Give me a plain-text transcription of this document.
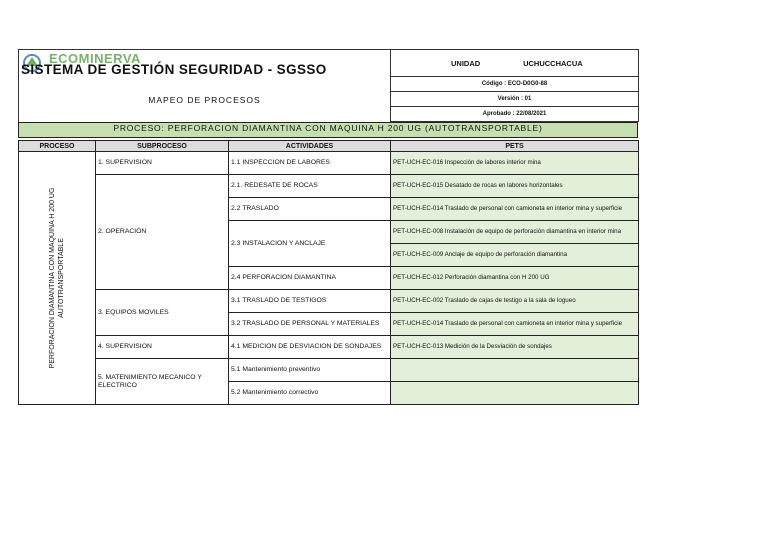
ECOMINERVA
SISTEMA DE GESTIÓN SEGURIDAD - SGSSO
MAPEO DE PROCESOS
	UNIDAD	UCHUCCHACUA
Código : ECO-D0G0-88
Versión : 01
Aprobado : 22/08/2021
PROCESO: PERFORACION DIAMANTINA CON MAQUINA H 200 UG (AUTOTRANSPORTABLE)
PROCESO	SUBPROCESO	ACTIVIDADES	PETS

PERFORACION DIAMANTINA CON MAQUINA H 200 UG AUTOTRANSPORTABLE	1. SUPERVISION	1.1 INSPECCION DE LABORES	PET-UCH-EC-016 Inspección de labores interior mina
	2. OPERACIÓN	2.1. REDESATE DE ROCAS	PET-UCH-EC-015 Desatado de rocas en labores horizontales
		2.2 TRASLADO	PET-UCH-EC-014 Traslado de personal con camioneta en interior mina y superficie
		2.3 INSTALACION Y ANCLAJE	PET-UCH-EC-008 Instalación de equipo de perforación diamantina en interior mina
			PET-UCH-EC-009 Anclaje de equipo de perforación diamantina
		2.4 PERFORACION DIAMANTINA	PET-UCH-EC-012 Perforación diamantina con H 200 UG
	3. EQUIPOS MOVILES	3.1 TRASLADO DE TESTIGOS	PET-UCH-EC-002 Traslado de cajas de testigo a la sala de logueo
		3.2 TRASLADO DE PERSONAL Y MATERIALES	PET-UCH-EC-014 Traslado de personal con camioneta en interior mina y superficie
	4. SUPERVISION	4.1 MEDICION DE DESVIACION DE SONDAJES	PET-UCH-EC-013 Medición de la Desviación de sondajes
	5. MATENIMIENTO MECANICO Y ELECTRICO	5.1 Mantenimiento preventivo	
		5.2 Mantenimiento correctivo	
